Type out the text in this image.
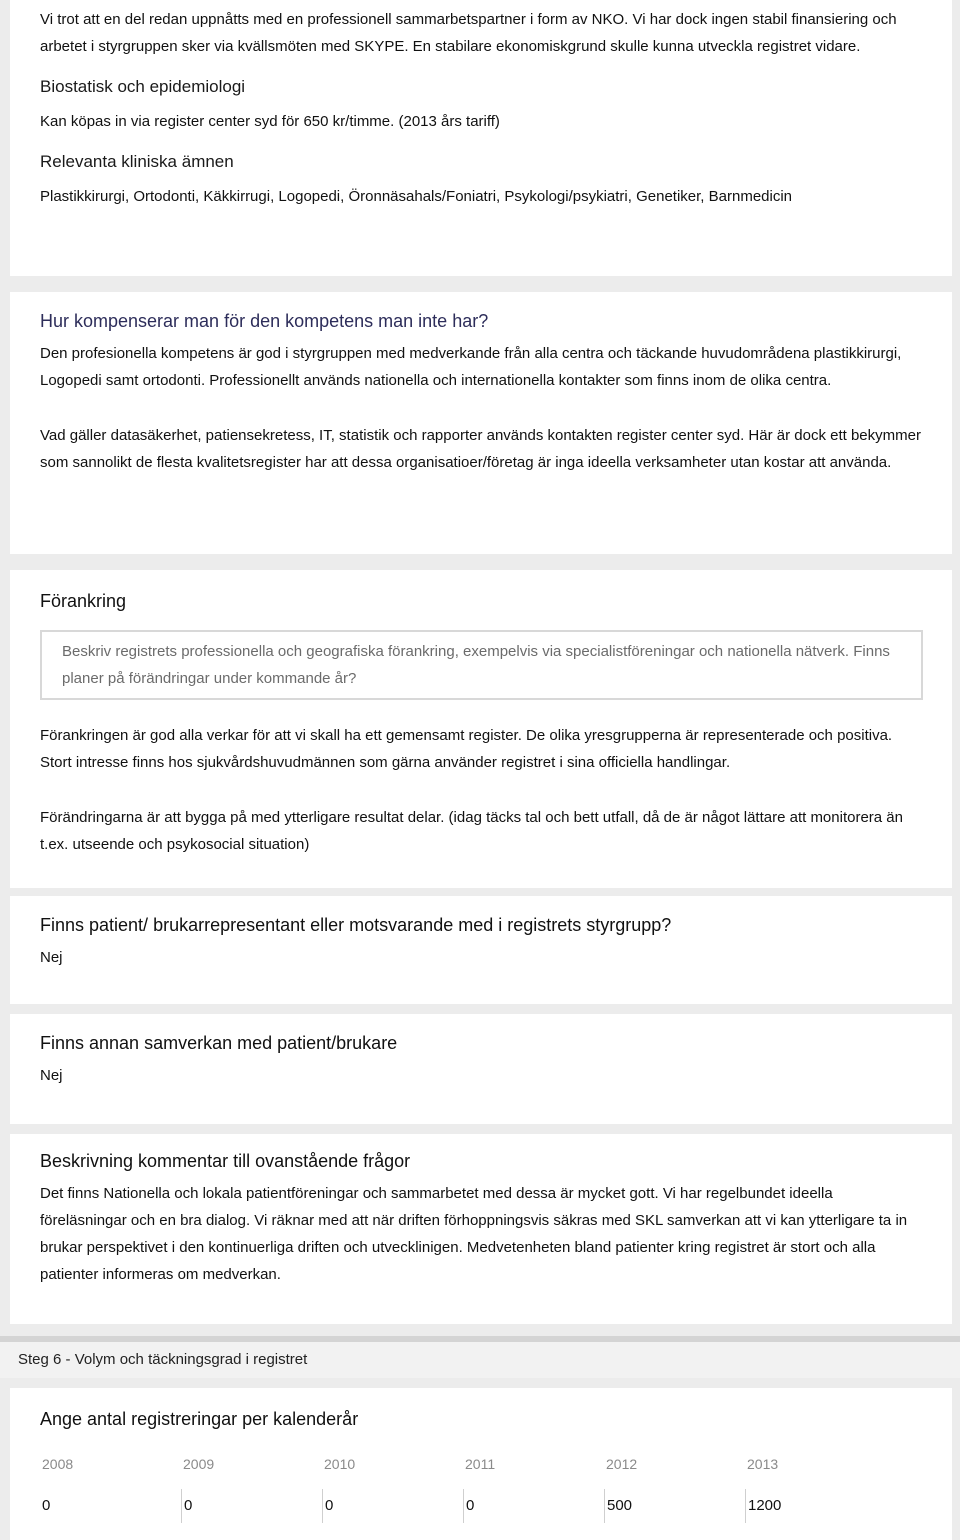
Vi trot att en del redan uppnåtts med en professionell sammarbetspartner i form av NKO. Vi har dock ingen stabil finansiering och arbetet i styrgruppen sker via kvällsmöten med SKYPE. En stabilare ekonomiskgrund skulle kunna utveckla registret vidare.

Biostatisk och epidemiologi

Kan köpas in via register center syd för 650 kr/timme. (2013 års tariff)

Relevanta kliniska ämnen

Plastikkirurgi, Ortodonti, Käkkirrugi, Logopedi, Öronnäsahals/Foniatri, Psykologi/psykiatri, Genetiker, Barnmedicin

Hur kompenserar man för den kompetens man inte har?

Den profesionella kompetens är god i styrgruppen med medverkande från alla centra och täckande huvudområdena plastikkirurgi, Logopedi samt ortodonti. Professionellt används nationella och internationella kontakter som finns inom de olika centra.

Vad gäller datasäkerhet, patiensekretess, IT, statistik och rapporter används kontakten register center syd. Här är dock ett bekymmer som sannolikt de flesta kvalitetsregister har att dessa organisatioer/företag är inga ideella verksamheter utan kostar att använda.

Förankring

Beskriv registrets professionella och geografiska förankring, exempelvis via specialistföreningar och nationella nätverk. Finns planer på förändringar under kommande år?

Förankringen är god alla verkar för att vi skall ha ett gemensamt register. De olika yresgrupperna är representerade och positiva. Stort intresse finns hos sjukvårdshuvudmännen som gärna använder registret i sina officiella handlingar.

Förändringarna är att bygga på med ytterligare resultat delar. (idag täcks tal och bett utfall, då de är något lättare att monitorera än t.ex. utseende och psykosocial situation)

Finns patient/ brukarrepresentant eller motsvarande med i registrets styrgrupp?

Nej

Finns annan samverkan med patient/brukare

Nej

Beskrivning kommentar till ovanstående frågor

Det finns Nationella och lokala patientföreningar och sammarbetet med dessa är mycket gott. Vi har regelbundet ideella föreläsningar och en bra dialog. Vi räknar med att när driften förhoppningsvis säkras med SKL samverkan att vi kan ytterligare ta in brukar perspektivet i den kontinuerliga driften och utvecklinigen. Medvetenheten bland patienter kring registret är stort och alla patienter informeras om medverkan.

Steg 6 - Volym och täckningsgrad i registret
Ange antal registreringar per kalenderår
2008	2009	2010	2011	2012	2013
0	0	0	0	500	1200
